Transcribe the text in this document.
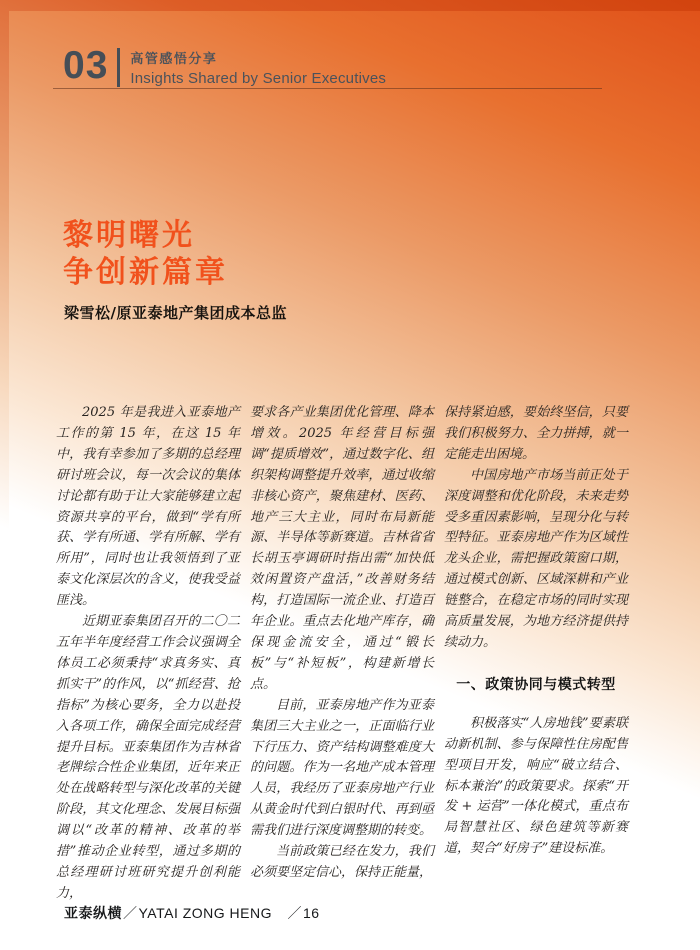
03 高管感悟分享
Insights Shared by Senior Executives
黎明曙光
争创新篇章
梁雪松/原亚泰地产集团成本总监

2025 年是我进入亚泰地产工作的第 15 年，在这 15 年中，我有幸参加了多期的总经理研讨班会议，每一次会议的集体讨论都有助于让大家能够建立起资源共享的平台，做到“学有所获、学有所通、学有所解、学有所用”，同时也让我领悟到了亚泰文化深层次的含义，使我受益匪浅。

近期亚泰集团召开的二〇二五年半年度经营工作会议强调全体员工必须秉持“求真务实、真抓实干”的作风，以“抓经营、抢指标”为核心要务，全力以赴投入各项工作，确保全面完成经营提升目标。亚泰集团作为吉林省老牌综合性企业集团，近年来正处在战略转型与深化改革的关键阶段，其文化理念、发展目标强调以“改革的精神、改革的举措”推动企业转型，通过多期的总经理研讨班研究提升创利能力，

要求各产业集团优化管理、降本增效。2025 年经营目标强调“提质增效”，通过数字化、组织架构调整提升效率，通过收缩非核心资产，聚焦建材、医药、地产三大主业，同时布局新能源、半导体等新赛道。吉林省省长胡玉亭调研时指出需“加快低效闲置资产盘活，”改善财务结构，打造国际一流企业、打造百年企业。重点去化地产库存，确保现金流安全，通过“锻长板”与“补短板”，构建新增长点。

目前，亚泰房地产作为亚泰集团三大主业之一，正面临行业下行压力、资产结构调整难度大的问题。作为一名地产成本管理人员，我经历了亚泰房地产行业从黄金时代到白银时代、再到亟需我们进行深度调整期的转变。

当前政策已经在发力，我们必须要坚定信心，保持正能量，

保持紧迫感，要始终坚信，只要我们积极努力、全力拼搏，就一定能走出困境。

中国房地产市场当前正处于深度调整和优化阶段，未来走势受多重因素影响，呈现分化与转型特征。亚泰房地产作为区域性龙头企业，需把握政策窗口期，通过模式创新、区域深耕和产业链整合，在稳定市场的同时实现高质量发展，为地方经济提供持续动力。

一、政策协同与模式转型

积极落实“人房地钱”要素联动新机制、参与保障性住房配售型项目开发，响应“破立结合、标本兼治”的政策要求。探索“开发 + 运营”一体化模式，重点布局智慧社区、绿色建筑等新赛道，契合“好房子”建设标准。

亚泰纵横／YATAI ZONG HENG　／16
